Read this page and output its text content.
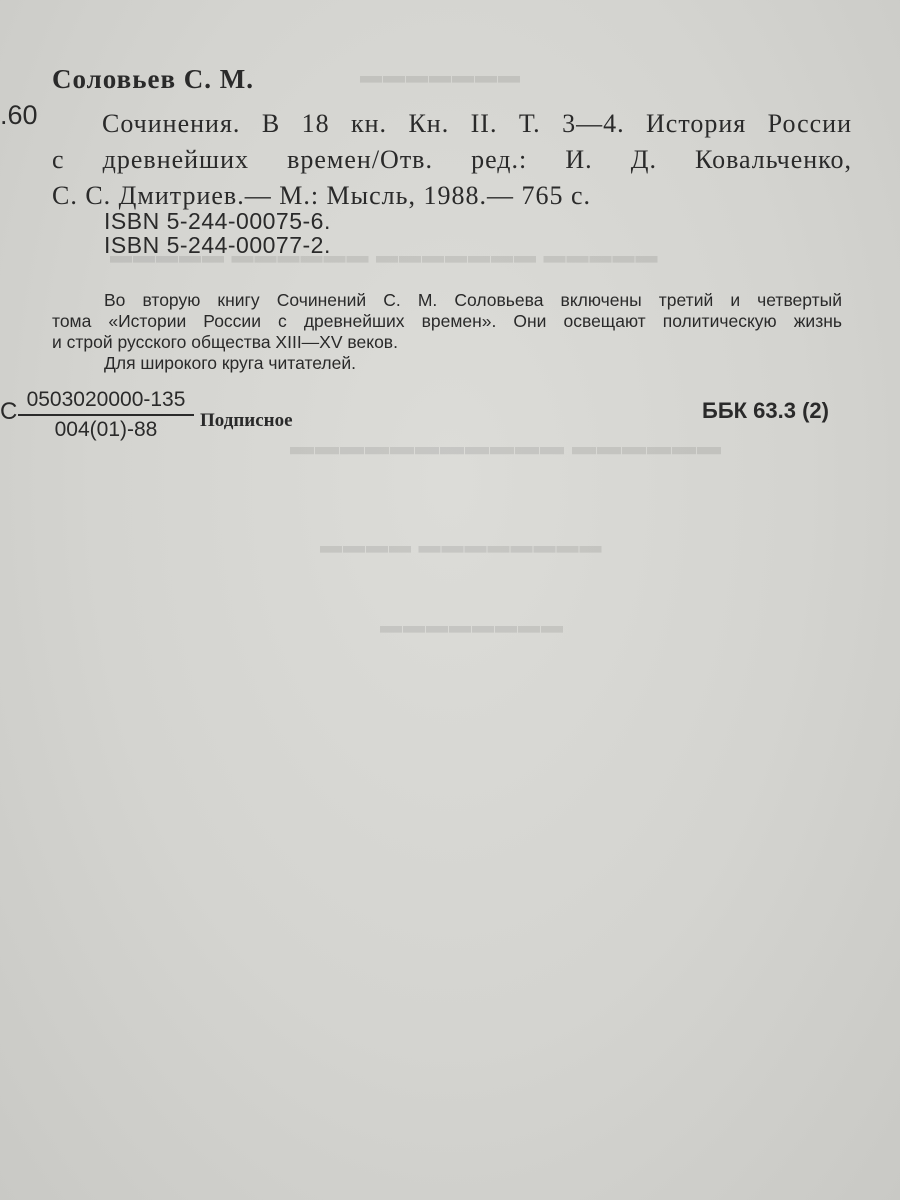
▬▬▬▬▬▬▬
▬▬▬▬▬ ▬▬▬▬▬▬ ▬▬▬▬▬▬▬ ▬▬▬▬▬
▬▬▬▬▬▬▬▬▬▬▬ ▬▬▬▬▬▬
▬▬▬▬ ▬▬▬▬▬▬▬▬
▬▬▬▬▬▬▬▬
Соловьев С. М.
.60	Сочинения. В 18 кн. Кн. II. Т. 3—4. История России
с древнейших времен/Отв. ред.: И. Д. Ковальченко,
С. С. Дмитриев.— М.: Мысль, 1988.— 765 с.
ISBN 5-244-00075-6.
ISBN 5-244-00077-2.
Во вторую книгу Сочинений С. М. Соловьева включены третий и четвертый
тома «Истории России с древнейших времен». Они освещают политическую жизнь
и строй русского общества XIII—XV веков.
Для широкого круга читателей.
С $\frac{0503020000-135}{004(01)-88}$ Подписное	ББК 63.3 (2)
